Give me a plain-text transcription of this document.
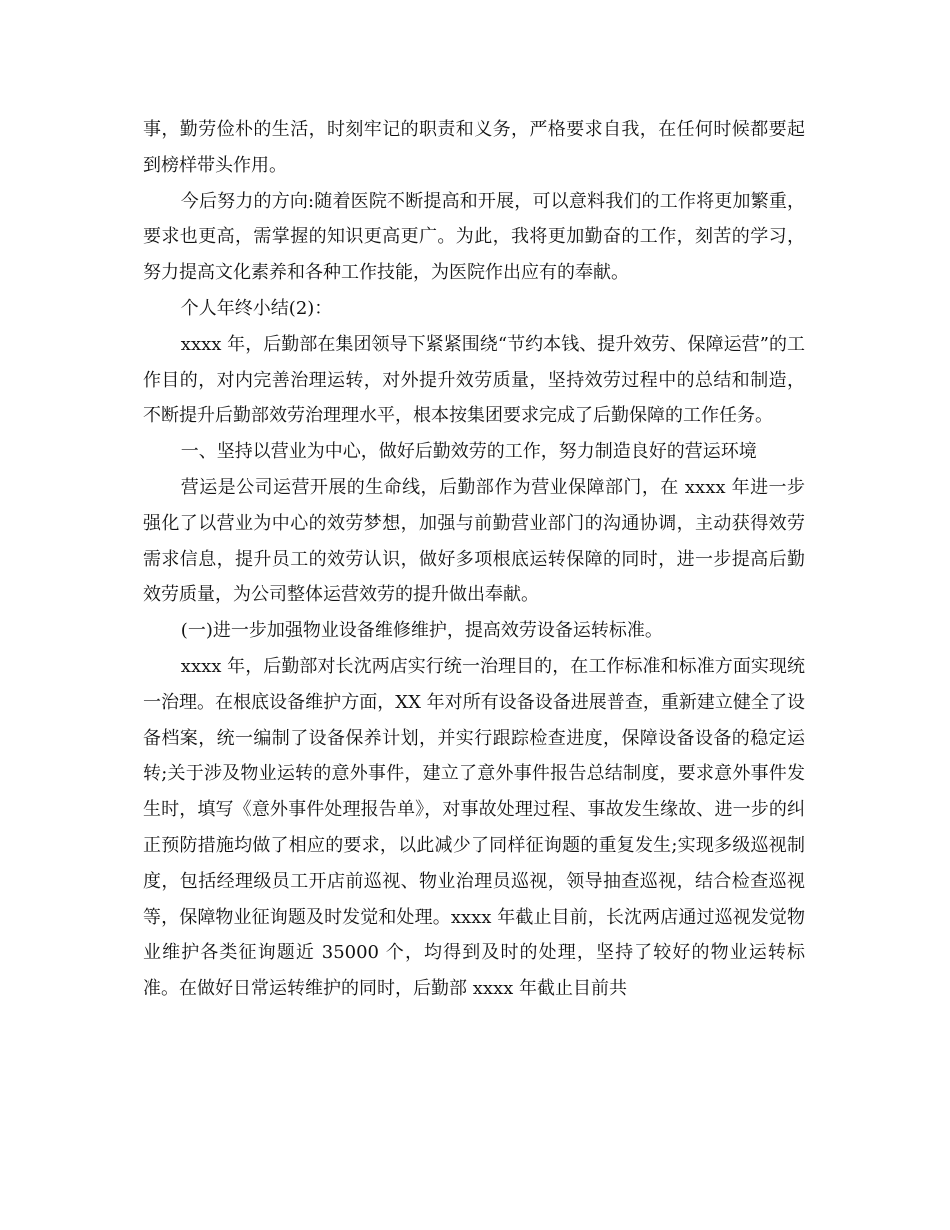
事，勤劳俭朴的生活，时刻牢记的职责和义务，严格要求自我，在任何时候都要起到榜样带头作用。

今后努力的方向:随着医院不断提高和开展，可以意料我们的工作将更加繁重，要求也更高，需掌握的知识更高更广。为此，我将更加勤奋的工作，刻苦的学习，努力提高文化素养和各种工作技能，为医院作出应有的奉献。

个人年终小结(2)：

xxxx 年，后勤部在集团领导下紧紧围绕“节约本钱、提升效劳、保障运营”的工作目的，对内完善治理运转，对外提升效劳质量，坚持效劳过程中的总结和制造，不断提升后勤部效劳治理理水平，根本按集团要求完成了后勤保障的工作任务。

一、坚持以营业为中心，做好后勤效劳的工作，努力制造良好的营运环境

营运是公司运营开展的生命线，后勤部作为营业保障部门，在 xxxx 年进一步强化了以营业为中心的效劳梦想，加强与前勤营业部门的沟通协调，主动获得效劳需求信息，提升员工的效劳认识，做好多项根底运转保障的同时，进一步提高后勤效劳质量，为公司整体运营效劳的提升做出奉献。

(一)进一步加强物业设备维修维护，提高效劳设备运转标准。

xxxx 年，后勤部对长沈两店实行统一治理目的，在工作标准和标准方面实现统一治理。在根底设备维护方面，XX 年对所有设备设备进展普查，重新建立健全了设备档案，统一编制了设备保养计划，并实行跟踪检查进度，保障设备设备的稳定运转;关于涉及物业运转的意外事件，建立了意外事件报告总结制度，要求意外事件发生时，填写《意外事件处理报告单》，对事故处理过程、事故发生缘故、进一步的纠正预防措施均做了相应的要求，以此减少了同样征询题的重复发生;实现多级巡视制度，包括经理级员工开店前巡视、物业治理员巡视，领导抽查巡视，结合检查巡视等，保障物业征询题及时发觉和处理。xxxx 年截止目前，长沈两店通过巡视发觉物业维护各类征询题近 35000 个，均得到及时的处理，坚持了较好的物业运转标准。在做好日常运转维护的同时，后勤部 xxxx 年截止目前共
